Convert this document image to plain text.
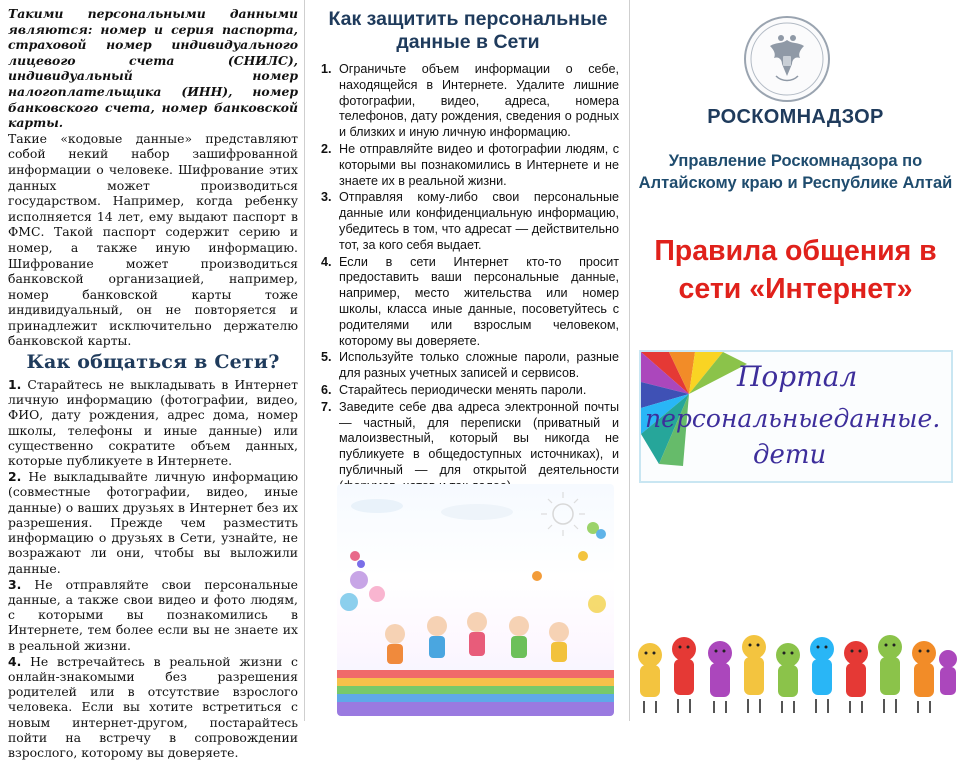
Такими персональными данными являются: номер и серия паспорта, страховой номер индивидуального лицевого счета (СНИЛС), индивидуальный номер налогоплательщика (ИНН), номер банковского счета, номер банковской карты.

Такие «кодовые данные» представляют собой некий набор зашифрованной информации о человеке. Шифрование этих данных может производиться государством. Например, когда ребенку исполняется 14 лет, ему выдают паспорт в ФМС. Такой паспорт содержит серию и номер, а также иную информацию. Шифрование может производиться банковской организацией, например, номер банковской карты тоже индивидуальный, он не повторяется и принадлежит исключительно держателю банковской карты.

Как общаться в Сети?

1. Старайтесь не выкладывать в Интернет личную информацию (фотографии, видео, ФИО, дату рождения, адрес дома, номер школы, телефоны и иные данные) или существенно сократите объем данных, которые публикуете в Интернете.

2. Не выкладывайте личную информацию (совместные фотографии, видео, иные данные) о ваших друзьях в Интернет без их разрешения. Прежде чем разместить информацию о друзьях в Сети, узнайте, не возражают ли они, чтобы вы выложили данные.

3. Не отправляйте свои персональные данные, а также свои видео и фото людям, с которыми вы познакомились в Интернете, тем более если вы не знаете их в реальной жизни.

4. Не встречайтесь в реальной жизни с онлайн-знакомыми без разрешения родителей или в отсутствие взрослого человека. Если вы хотите встретиться с новым интернет-другом, постарайтесь пойти на встречу в сопровождении взрослого, которому вы доверяете.

Как защитить персональные данные в Сети
1. Ограничьте объем информации о себе, находящейся в Интернете. Удалите лишние фотографии, видео, адреса, номера телефонов, дату рождения, сведения о родных и близких и иную личную информацию.
2. Не отправляйте видео и фотографии людям, с которыми вы познакомились в Интернете и не знаете их в реальной жизни.
3. Отправляя кому-либо свои персональные данные или конфиденциальную информацию, убедитесь в том, что адресат — действительно тот, за кого себя выдает.
4. Если в сети Интернет кто-то просит предоставить ваши персональные данные, например, место жительства или номер школы, класса иные данные, посоветуйтесь с родителями или взрослым человеком, которому вы доверяете.
5. Используйте только сложные пароли, разные для разных учетных записей и сервисов.
6. Старайтесь периодически менять пароли.
7. Заведите себе два адреса электронной почты — частный, для переписки (приватный и малоизвестный, который вы никогда не публикуете в общедоступных источниках), и публичный — для открытой деятельности
РОСКОМНАДЗОР
Управление Роскомнадзора по Алтайскому краю и Республике Алтай
Правила общения в сети «Интернет»
Портал
персональныеданные.
дети
